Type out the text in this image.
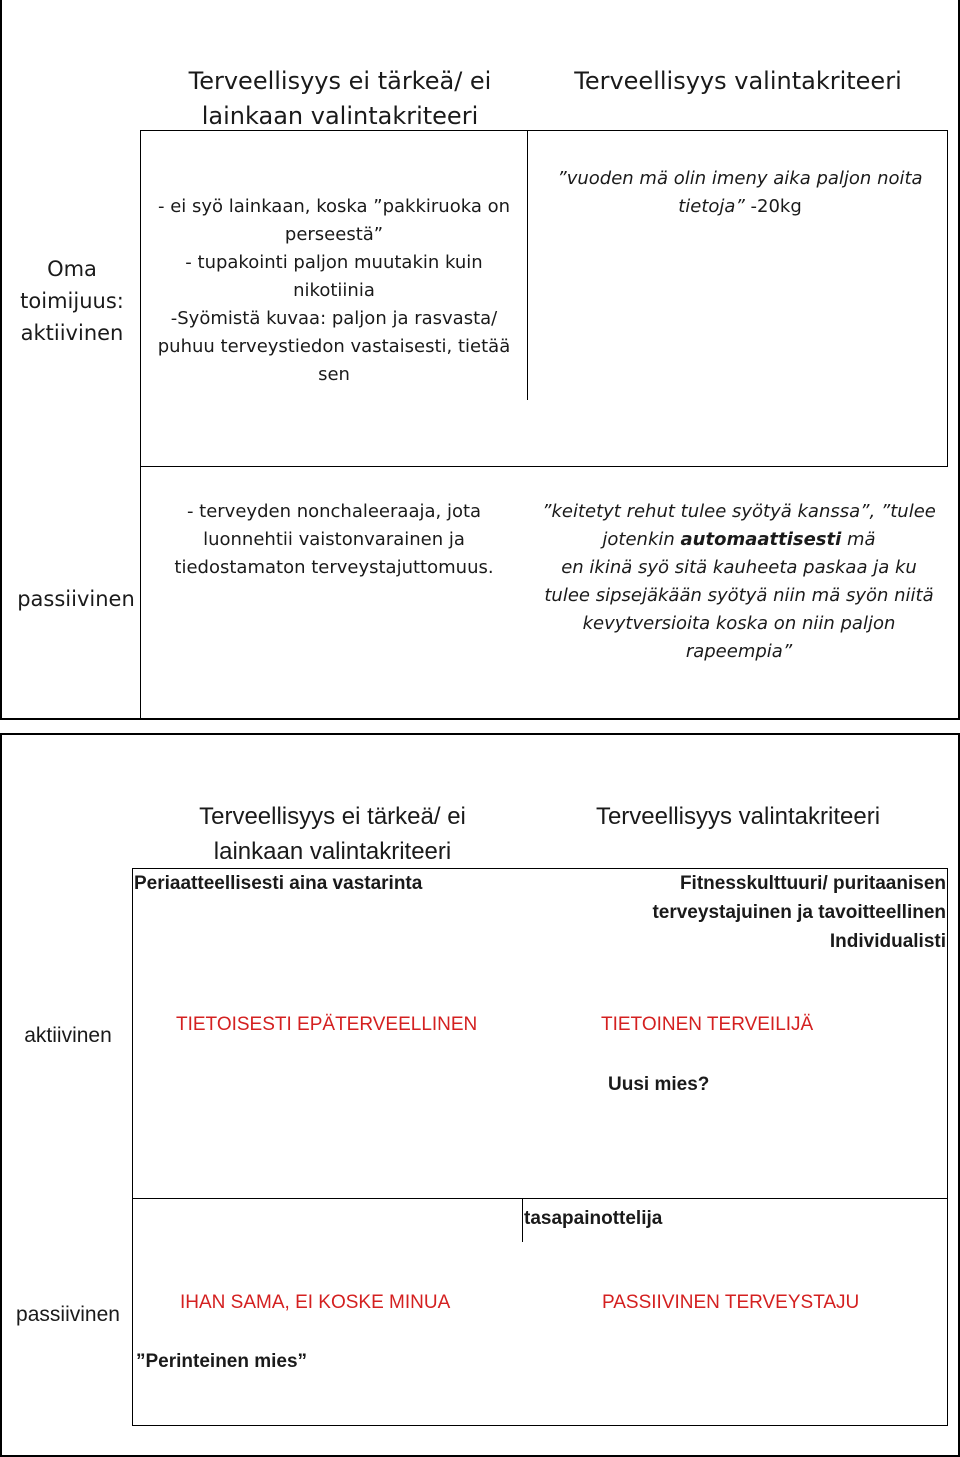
Terveellisyys ei tärkeä/ ei lainkaan valintakriteeri
Terveellisyys valintakriteeri
Oma toimijuus: aktiivinen
passiivinen
- ei syö lainkaan, koska ”pakkiruoka on
perseestä”
- tupakointi paljon muutakin kuin
nikotiinia
-Syömistä kuvaa: paljon ja rasvasta/
puhuu terveystiedon vastaisesti, tietää
sen
”vuoden mä olin imeny aika paljon noita
tietoja” -20kg
- terveyden nonchaleeraaja, jota
luonnehtii vaistonvarainen ja
tiedostamaton terveystajuttomuus.
”keitetyt rehut tulee syötyä kanssa”, ”tulee
jotenkin automaattisesti mä
en ikinä syö sitä kauheeta paskaa ja ku
tulee sipsejäkään syötyä niin mä syön niitä
kevytversioita koska on niin paljon
rapeempia”
Terveellisyys ei tärkeä/ ei lainkaan valintakriteeri
Terveellisyys valintakriteeri
Periaatteellisesti aina vastarinta	Fitnesskulttuuri/ puritaanisen
terveystajuinen ja tavoitteellinen
Individualisti
aktiivinen
passiivinen
TIETOISESTI EPÄTERVEELLINEN	TIETOINEN TERVEILIJÄ
Uusi mies?
tasapainottelija
IHAN SAMA, EI KOSKE MINUA
”Perinteinen mies”
PASSIIVINEN TERVEYSTAJU
